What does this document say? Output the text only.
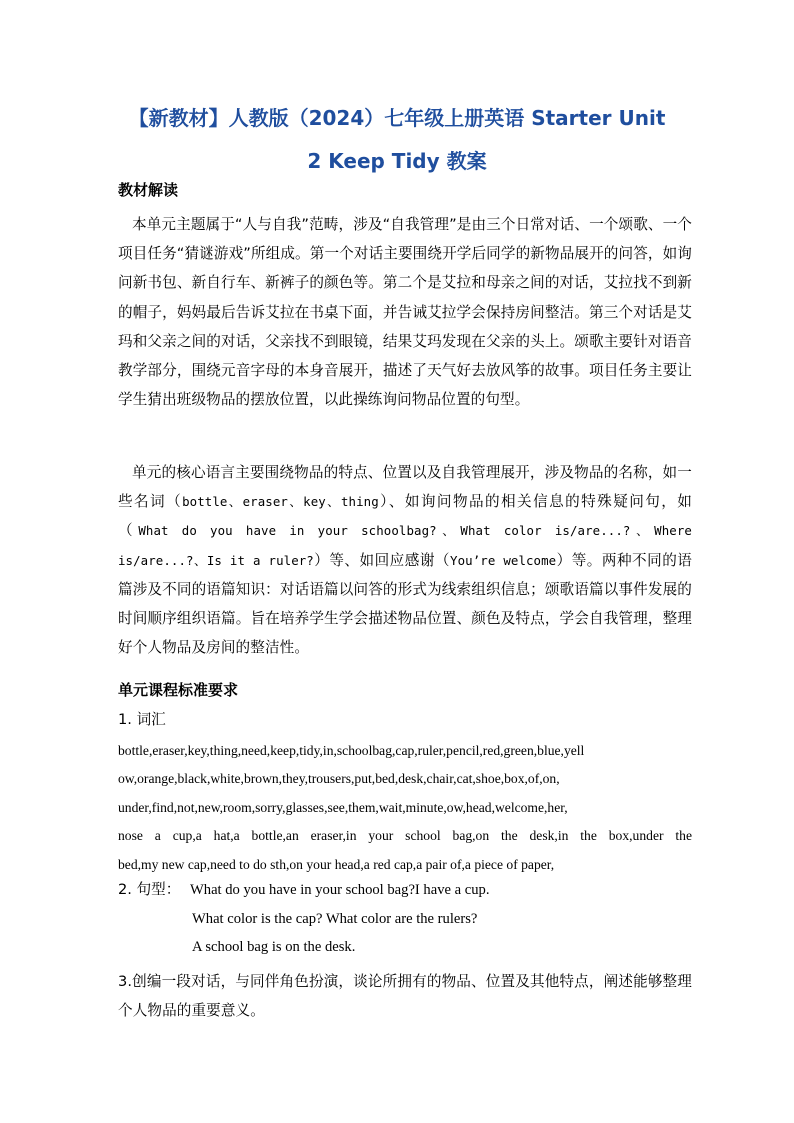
【新教材】人教版（2024）七年级上册英语 Starter Unit
2 Keep Tidy 教案
教材解读
本单元主题属于“人与自我”范畴，涉及“自我管理”是由三个日常对话、一个颂歌、一个项目任务“猜谜游戏”所组成。第一个对话主要围绕开学后同学的新物品展开的问答，如询问新书包、新自行车、新裤子的颜色等。第二个是艾拉和母亲之间的对话，艾拉找不到新的帽子，妈妈最后告诉艾拉在书桌下面，并告诫艾拉学会保持房间整洁。第三个对话是艾玛和父亲之间的对话，父亲找不到眼镜，结果艾玛发现在父亲的头上。颂歌主要针对语音教学部分，围绕元音字母的本身音展开，描述了天气好去放风筝的故事。项目任务主要让学生猜出班级物品的摆放位置，以此操练询问物品位置的句型。
单元的核心语言主要围绕物品的特点、位置以及自我管理展开，涉及物品的名称，如一些名词（bottle、eraser、key、thing）、如询问物品的相关信息的特殊疑问句，如（What do you have in your schoolbag?、What color is/are...?、Where is/are...?、Is it a ruler?）等、如回应感谢（You’re welcome）等。两种不同的语篇涉及不同的语篇知识：对话语篇以问答的形式为线索组织信息；颂歌语篇以事件发展的时间顺序组织语篇。旨在培养学生学会描述物品位置、颜色及特点，学会自我管理，整理好个人物品及房间的整洁性。
单元课程标准要求
1. 词汇
bottle,eraser,key,thing,need,keep,tidy,in,schoolbag,cap,ruler,pencil,red,green,blue,yell
ow,orange,black,white,brown,they,trousers,put,bed,desk,chair,cat,shoe,box,of,on,
under,find,not,new,room,sorry,glasses,see,them,wait,minute,ow,head,welcome,her,
nose a cup,a hat,a bottle,an eraser,in your school bag,on the desk,in the box,under the
bed,my new cap,need to do sth,on your head,a red cap,a pair of,a piece of paper,
2. 句型： What do you have in your school bag?I have a cup.
What color is the cap? What color are the rulers?
A school bag is on the desk.
3.创编一段对话，与同伴角色扮演，谈论所拥有的物品、位置及其他特点，阐述能够整理个人物品的重要意义。
